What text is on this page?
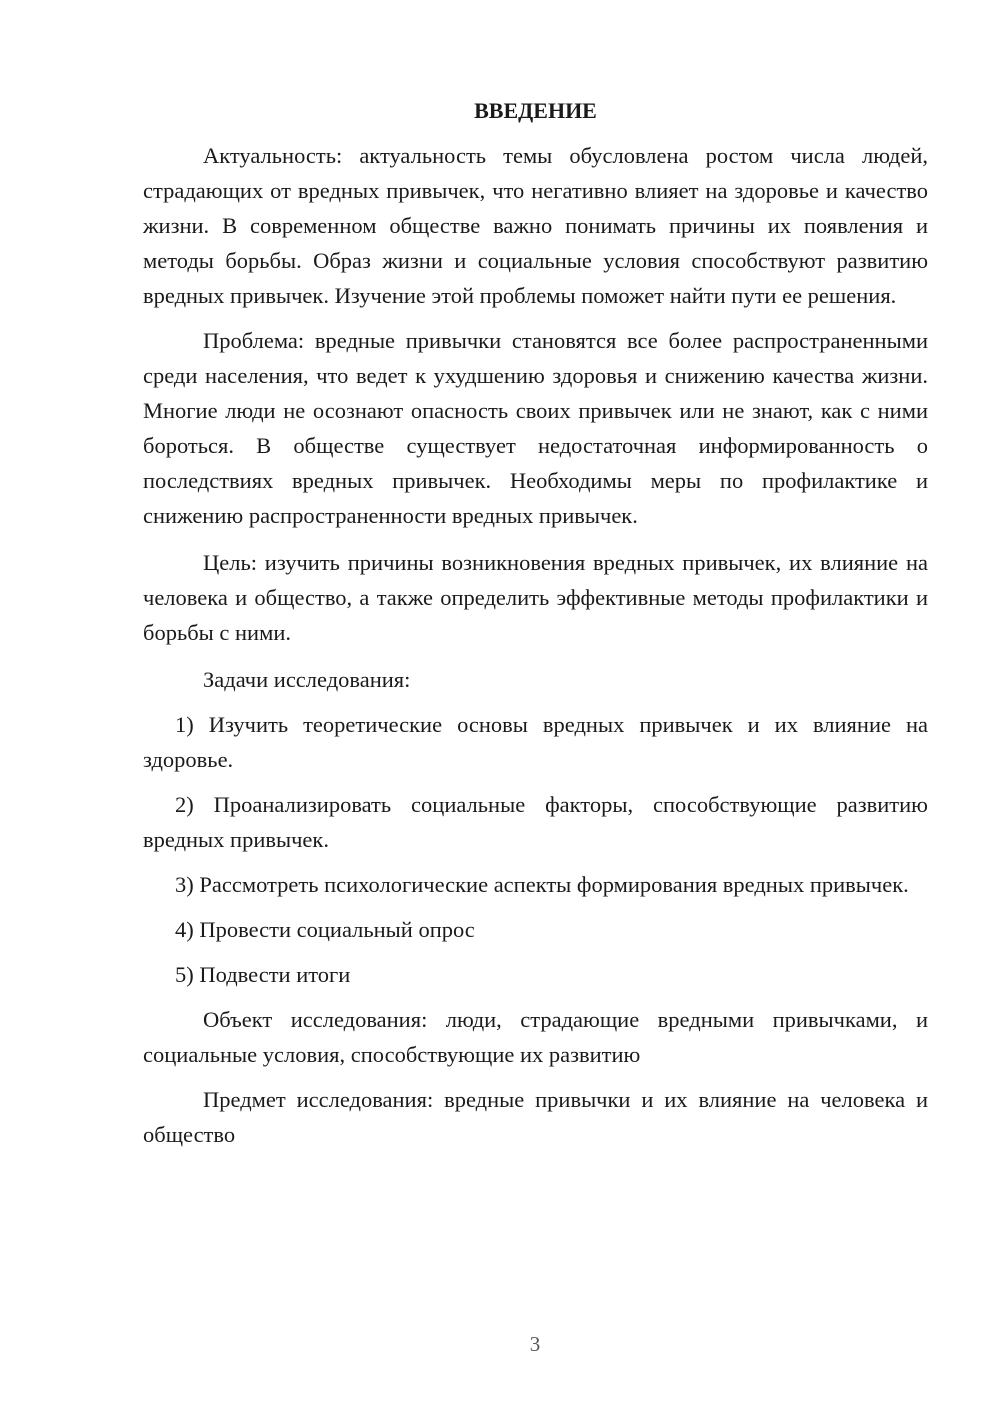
ВВЕДЕНИЕ

Актуальность: актуальность темы обусловлена ростом числа людей, страдающих от вредных привычек, что негативно влияет на здоровье и качество жизни. В современном обществе важно понимать причины их появления и методы борьбы. Образ жизни и социальные условия способствуют развитию вредных привычек. Изучение этой проблемы поможет найти пути ее решения.

Проблема: вредные привычки становятся все более распространенными среди населения, что ведет к ухудшению здоровья и снижению качества жизни. Многие люди не осознают опасность своих привычек или не знают, как с ними бороться. В обществе существует недостаточная информированность о последствиях вредных привычек. Необходимы меры по профилактике и снижению распространенности вредных привычек.

Цель: изучить причины возникновения вредных привычек, их влияние на человека и общество, а также определить эффективные методы профилактики и борьбы с ними.

Задачи исследования:

1) Изучить теоретические основы вредных привычек и их влияние на здоровье.

2) Проанализировать социальные факторы, способствующие развитию вредных привычек.

3) Рассмотреть психологические аспекты формирования вредных привычек.

4) Провести социальный опрос

5) Подвести итоги

Объект исследования: люди, страдающие вредными привычками, и социальные условия, способствующие их развитию

Предмет исследования: вредные привычки и их влияние на человека и общество

3
